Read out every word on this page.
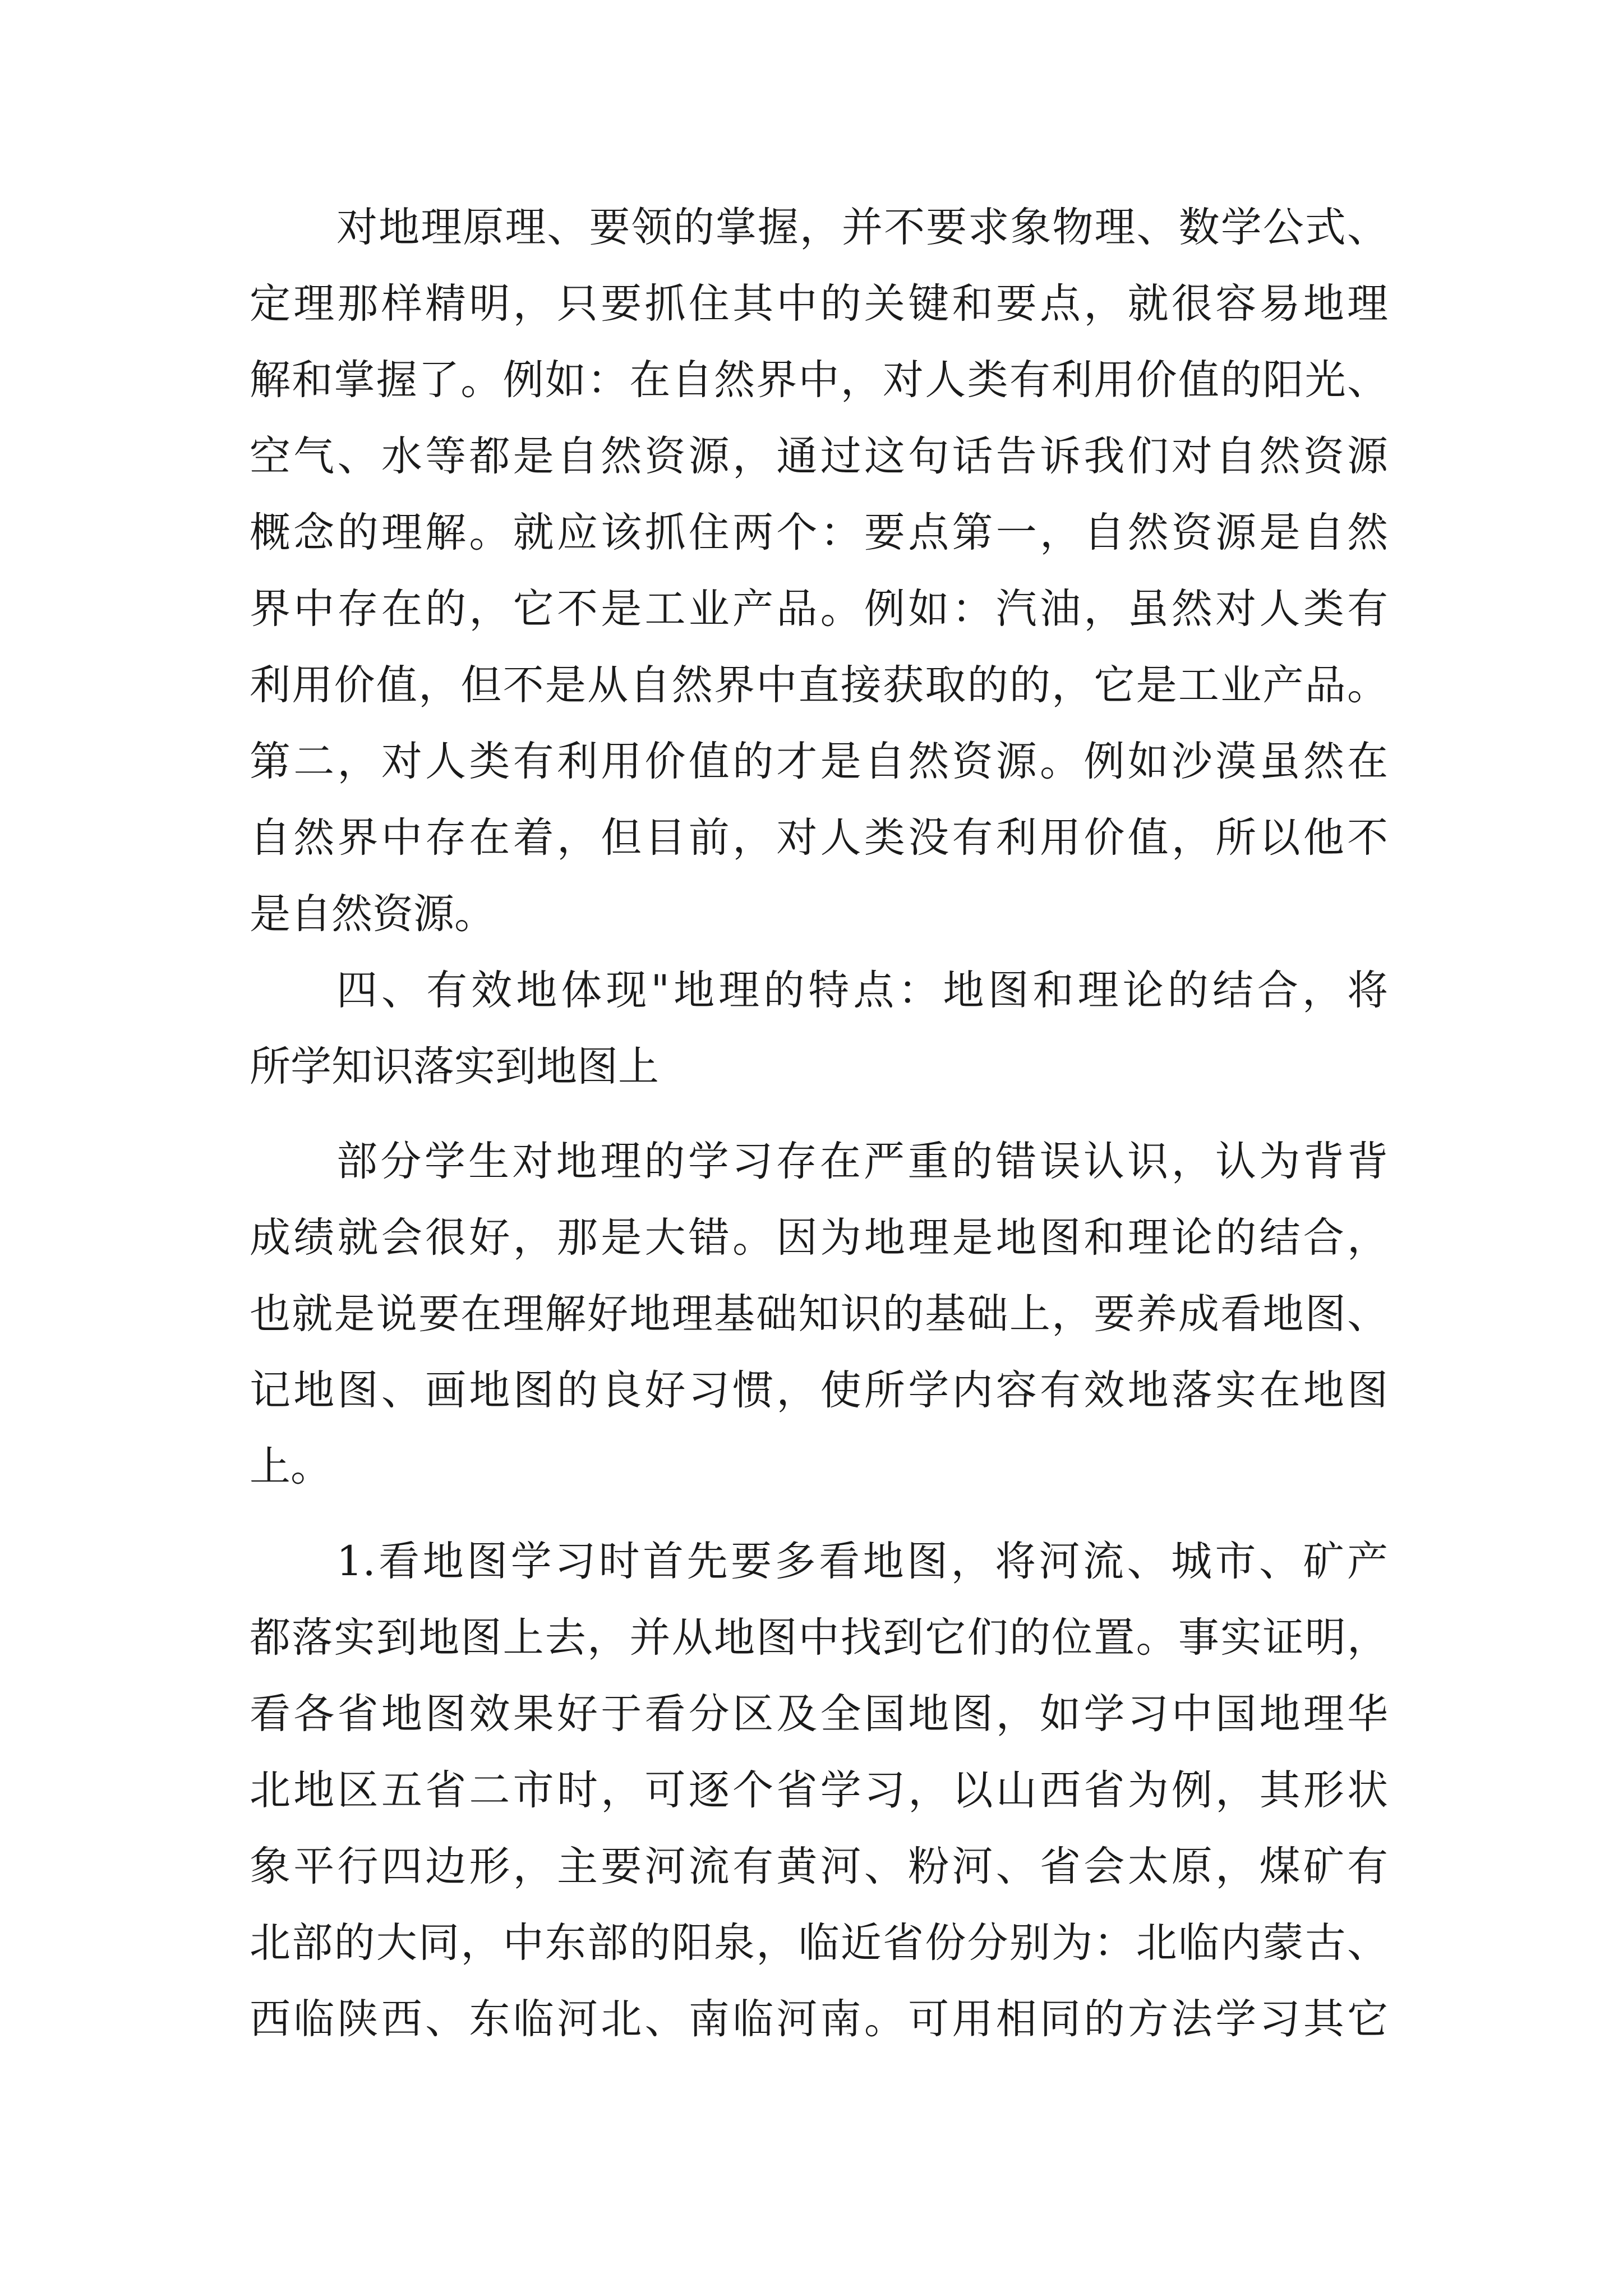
对地理原理、要领的掌握，并不要求象物理、数学公式、
定理那样精明，只要抓住其中的关键和要点，就很容易地理
解和掌握了。例如：在自然界中，对人类有利用价值的阳光、
空气、水等都是自然资源，通过这句话告诉我们对自然资源
概念的理解。就应该抓住两个：要点第一，自然资源是自然
界中存在的，它不是工业产品。例如：汽油，虽然对人类有
利用价值，但不是从自然界中直接获取的的，它是工业产品。
第二，对人类有利用价值的才是自然资源。例如沙漠虽然在
自然界中存在着，但目前，对人类没有利用价值，所以他不
是自然资源。
四、有效地体现"地理的特点：地图和理论的结合，将
所学知识落实到地图上
部分学生对地理的学习存在严重的错误认识，认为背背
成绩就会很好，那是大错。因为地理是地图和理论的结合，
也就是说要在理解好地理基础知识的基础上，要养成看地图、
记地图、画地图的良好习惯，使所学内容有效地落实在地图
上。
1.看地图学习时首先要多看地图，将河流、城市、矿产
都落实到地图上去，并从地图中找到它们的位置。事实证明，
看各省地图效果好于看分区及全国地图，如学习中国地理华
北地区五省二市时，可逐个省学习，以山西省为例，其形状
象平行四边形，主要河流有黄河、粉河、省会太原，煤矿有
北部的大同，中东部的阳泉，临近省份分别为：北临内蒙古、
西临陕西、东临河北、南临河南。可用相同的方法学习其它
